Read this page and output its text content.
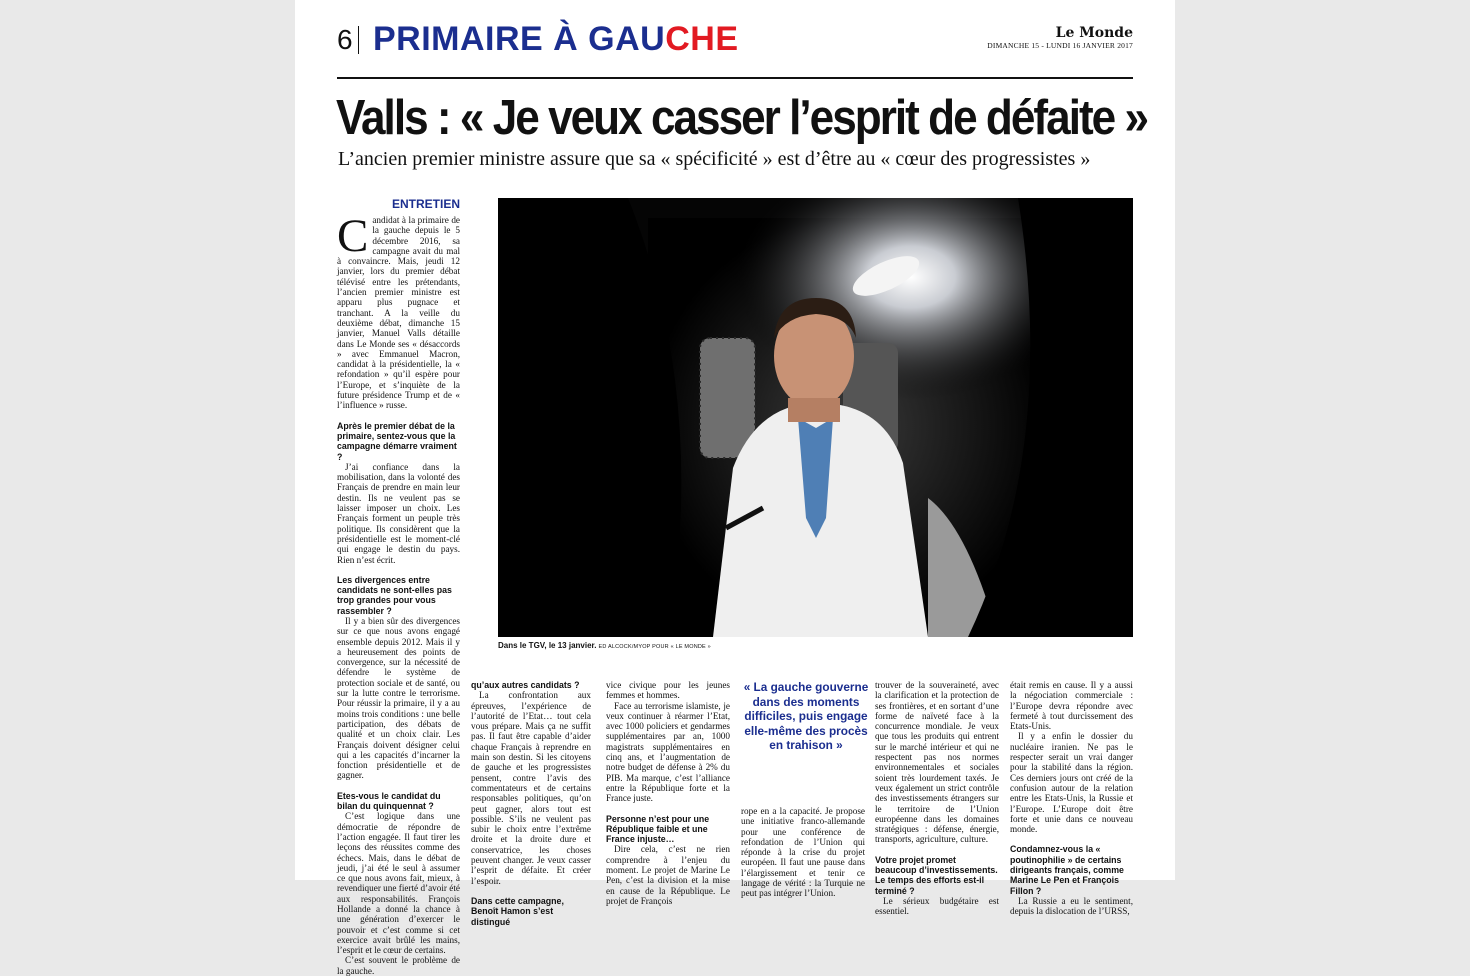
6 PRIMAIRE À GAUCHE	Le Monde
DIMANCHE 15 - LUNDI 16 JANVIER 2017
Valls : « Je veux casser l’esprit de défaite »
L’ancien premier ministre assure que sa « spécificité » est d’être au « cœur des progressistes »
ENTRETIEN

Candidat à la primaire de la gauche depuis le 5 décembre 2016, sa campagne avait du mal à convaincre. Mais, jeudi 12 janvier, lors du premier débat télévisé entre les prétendants, l’ancien premier ministre est apparu plus pugnace et tranchant. A la veille du deuxième débat, dimanche 15 janvier, Manuel Valls détaille dans Le Monde ses « désaccords » avec Emmanuel Macron, candidat à la présidentielle, la « refondation » qu’il espère pour l’Europe, et s’inquiète de la future présidence Trump et de « l’influence » russe.

Après le premier débat de la primaire, sentez-vous que la campagne démarre vraiment ?

J’ai confiance dans la mobilisation, dans la volonté des Français de prendre en main leur destin. Ils ne veulent pas se laisser imposer un choix. Les Français forment un peuple très politique. Ils considèrent que la présidentielle est le moment-clé qui engage le destin du pays. Rien n’est écrit.

Les divergences entre candidats ne sont-elles pas trop grandes pour vous rassembler ?

Il y a bien sûr des divergences sur ce que nous avons engagé ensemble depuis 2012. Mais il y a heureusement des points de convergence, sur la nécessité de défendre le système de protection sociale et de santé, ou sur la lutte contre le terrorisme. Pour réussir la primaire, il y a au moins trois conditions : une belle participation, des débats de qualité et un choix clair. Les Français doivent désigner celui qui a les capacités d’incarner la fonction présidentielle et de gagner.

Etes-vous le candidat du bilan du quinquennat ?

C’est logique dans une démocratie de répondre de l’action engagée. Il faut tirer les leçons des réussites comme des échecs. Mais, dans le débat de jeudi, j’ai été le seul à assumer ce que nous avons fait, mieux, à revendiquer une fierté d’avoir été aux responsabilités. François Hollande a donné la chance à une génération d’exercer le pouvoir et c’est comme si cet exercice avait brûlé les mains, l’esprit et le cœur de certains.

C’est souvent le problème de la gauche.

Dans le TGV, le 13 janvier. ED ALCOCK/MYOP POUR « LE MONDE »

qu’aux autres candidats ?

La confrontation aux épreuves, l’expérience de l’autorité de l’Etat… tout cela vous prépare. Mais ça ne suffit pas. Il faut être capable d’aider chaque Français à reprendre en main son destin. Si les citoyens de gauche et les progressistes pensent, contre l’avis des commentateurs et de certains responsables politiques, qu’on peut gagner, alors tout est possible. S’ils ne veulent pas subir le choix entre l’extrême droite et la droite dure et conservatrice, les choses peuvent changer. Je veux casser l’esprit de défaite. Et créer l’espoir.

Dans cette campagne, Benoît Hamon s’est distingué

vice civique pour les jeunes femmes et hommes.

Face au terrorisme islamiste, je veux continuer à réarmer l’Etat, avec 1000 policiers et gendarmes supplémentaires par an, 1000 magistrats supplémentaires en cinq ans, et l’augmentation de notre budget de défense à 2% du PIB. Ma marque, c’est l’alliance entre la République forte et la France juste.

Personne n’est pour une République faible et une France injuste…

Dire cela, c’est ne rien comprendre à l’enjeu du moment. Le projet de Marine Le Pen, c’est la division et la mise en cause de la République. Le projet de François

« La gauche gouverne dans des moments difficiles, puis engage elle-même des procès en trahison »

rope en a la capacité. Je propose une initiative franco-allemande pour une conférence de refondation de l’Union qui réponde à la crise du projet européen. Il faut une pause dans l’élargissement et tenir ce langage de vérité : la Turquie ne peut pas intégrer l’Union.

trouver de la souveraineté, avec la clarification et la protection de ses frontières, et en sortant d’une forme de naïveté face à la concurrence mondiale. Je veux que tous les produits qui entrent sur le marché intérieur et qui ne respectent pas nos normes environnementales et sociales soient très lourdement taxés. Je veux également un strict contrôle des investissements étrangers sur le territoire de l’Union européenne dans les domaines stratégiques : défense, énergie, transports, agriculture, culture.

Votre projet promet beaucoup d’investissements. Le temps des efforts est-il terminé ?

Le sérieux budgétaire est essentiel.

était remis en cause. Il y a aussi la négociation commerciale : l’Europe devra répondre avec fermeté à tout durcissement des Etats-Unis.

Il y a enfin le dossier du nucléaire iranien. Ne pas le respecter serait un vrai danger pour la stabilité dans la région. Ces derniers jours ont créé de la confusion autour de la relation entre les Etats-Unis, la Russie et l’Europe. L’Europe doit être forte et unie dans ce nouveau monde.

Condamnez-vous la « poutinophilie » de certains dirigeants français, comme Marine Le Pen et François Fillon ?

La Russie a eu le sentiment, depuis la dislocation de l’URSS,
